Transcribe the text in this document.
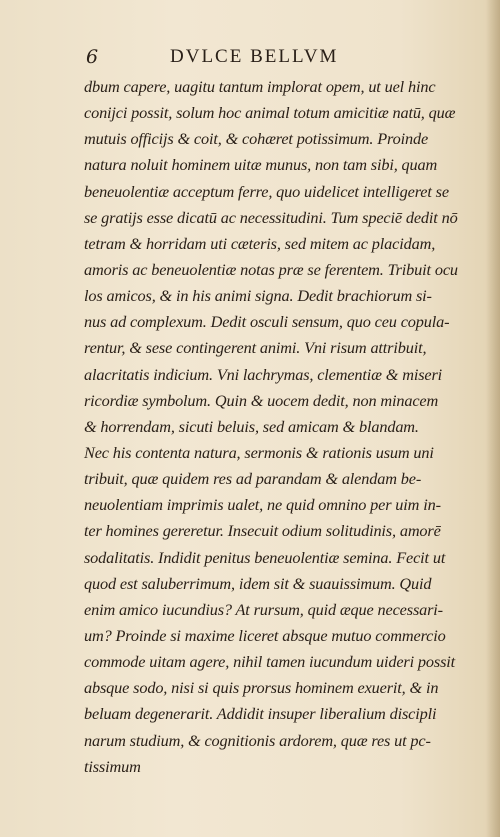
6	DVLCE BELLVM
dbum capere, uagitu tantum implorat opem, ut uel hinc
conijci possit, solum hoc animal totum amicitiæ natū, quæ
mutuis officijs & coit, & cohæret potissimum. Proinde
natura noluit hominem uitæ munus, non tam sibi, quam
beneuolentiæ acceptum ferre, quo uidelicet intelligeret se
se gratijs esse dicatū ac necessitudini. Tum speciē dedit nō
tetram & horridam uti cæteris, sed mitem ac placidam,
amoris ac beneuolentiæ notas præ se ferentem. Tribuit ocu
los amicos, & in his animi signa. Dedit brachiorum si-
nus ad complexum. Dedit osculi sensum, quo ceu copula-
rentur, & sese contingerent animi. Vni risum attribuit,
alacritatis indicium. Vni lachrymas, clementiæ & miseri
ricordiæ symbolum. Quin & uocem dedit, non minacem
& horrendam, sicuti beluis, sed amicam & blandam.
Nec his contenta natura, sermonis & rationis usum uni
tribuit, quæ quidem res ad parandam & alendam be-
neuolentiam imprimis ualet, ne quid omnino per uim in-
ter homines gereretur. Insecuit odium solitudinis, amorē
sodalitatis. Indidit penitus beneuolentiæ semina. Fecit ut
quod est saluberrimum, idem sit & suauissimum. Quid
enim amico iucundius? At rursum, quid æque necessari-
um? Proinde si maxime liceret absque mutuo commercio
commode uitam agere, nihil tamen iucundum uideri possit
absque sodo, nisi si quis prorsus hominem exuerit, & in
beluam degenerarit. Addidit insuper liberalium discipli
narum studium, & cognitionis ardorem, quæ res ut pc-
tissimum
